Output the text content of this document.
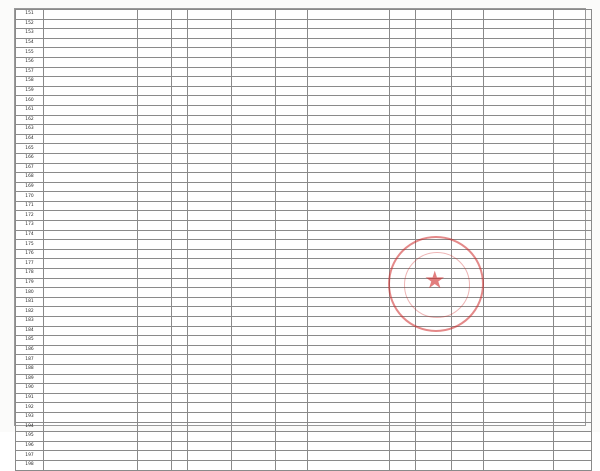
151												
152												
153												
154												
155												
156												
157												
158												
159												
160												
161												
162												
163												
164												
165												
166												
167												
168												
169												
170												
171												
172												
173												
174												
175												
176												
177												
178												
179												
180												
181												
182												
183												
184												
185												
186												
187												
188												
189												
190												
191												
192												
193												
194												
195												
196												
197												
198												
★
